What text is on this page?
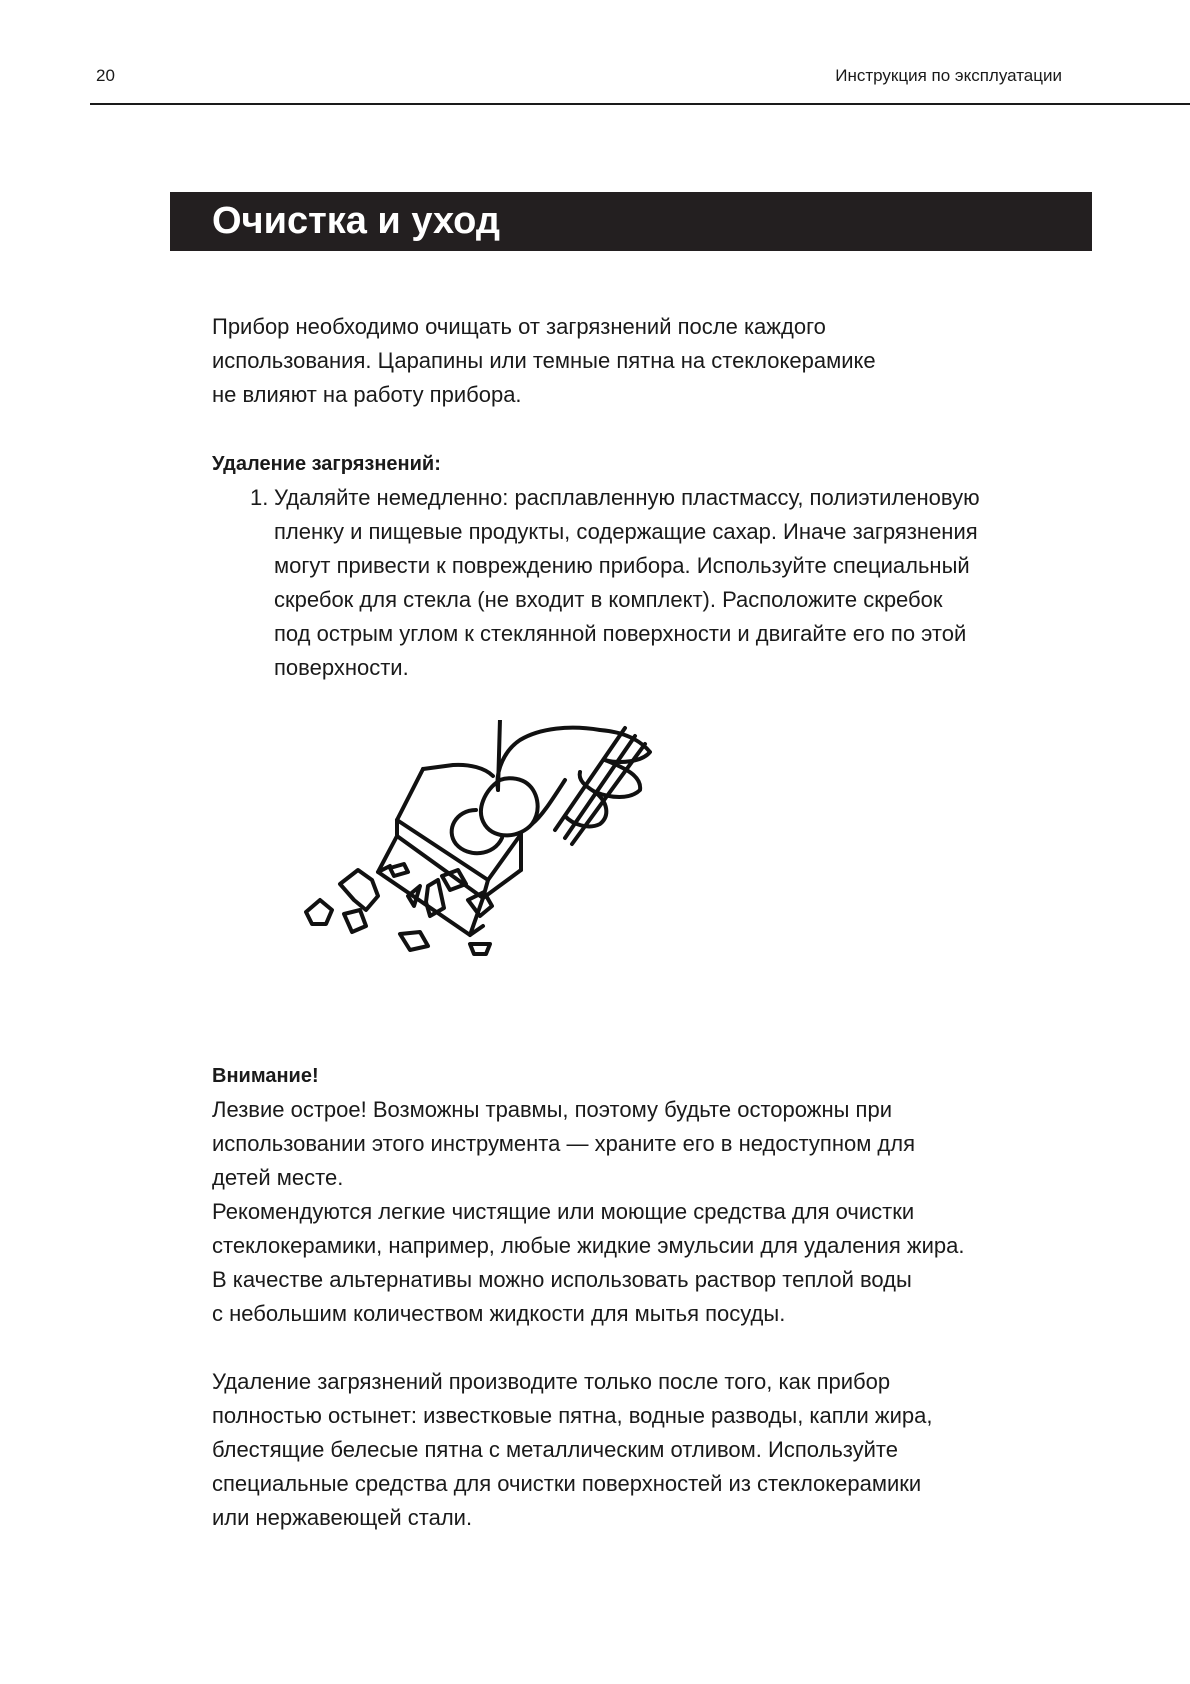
20	Инструкция по эксплуатации
Очистка и уход

Прибор необходимо очищать от загрязнений после каждого
использования. Царапины или темные пятна на стеклокерамике
не влияют на работу прибора.

Удаление загрязнений:

1. Удаляйте немедленно: расплавленную пластмассу, полиэтиленовую
пленку и пищевые продукты, содержащие сахар. Иначе загрязнения
могут привести к повреждению прибора. Используйте специальный
скребок для стекла (не входит в комплект). Расположите скребок
под острым углом к стеклянной поверхности и двигайте его по этой
поверхности.

Внимание!

Лезвие острое! Возможны травмы, поэтому будьте осторожны при
использовании этого инструмента — храните его в недоступном для
детей месте.
Рекомендуются легкие чистящие или моющие средства для очистки
стеклокерамики, например, любые жидкие эмульсии для удаления жира.
В качестве альтернативы можно использовать раствор теплой воды
с небольшим количеством жидкости для мытья посуды.

Удаление загрязнений производите только после того, как прибор
полностью остынет: известковые пятна, водные разводы, капли жира,
блестящие белесые пятна с металлическим отливом. Используйте
специальные средства для очистки поверхностей из стеклокерамики
или нержавеющей стали.
